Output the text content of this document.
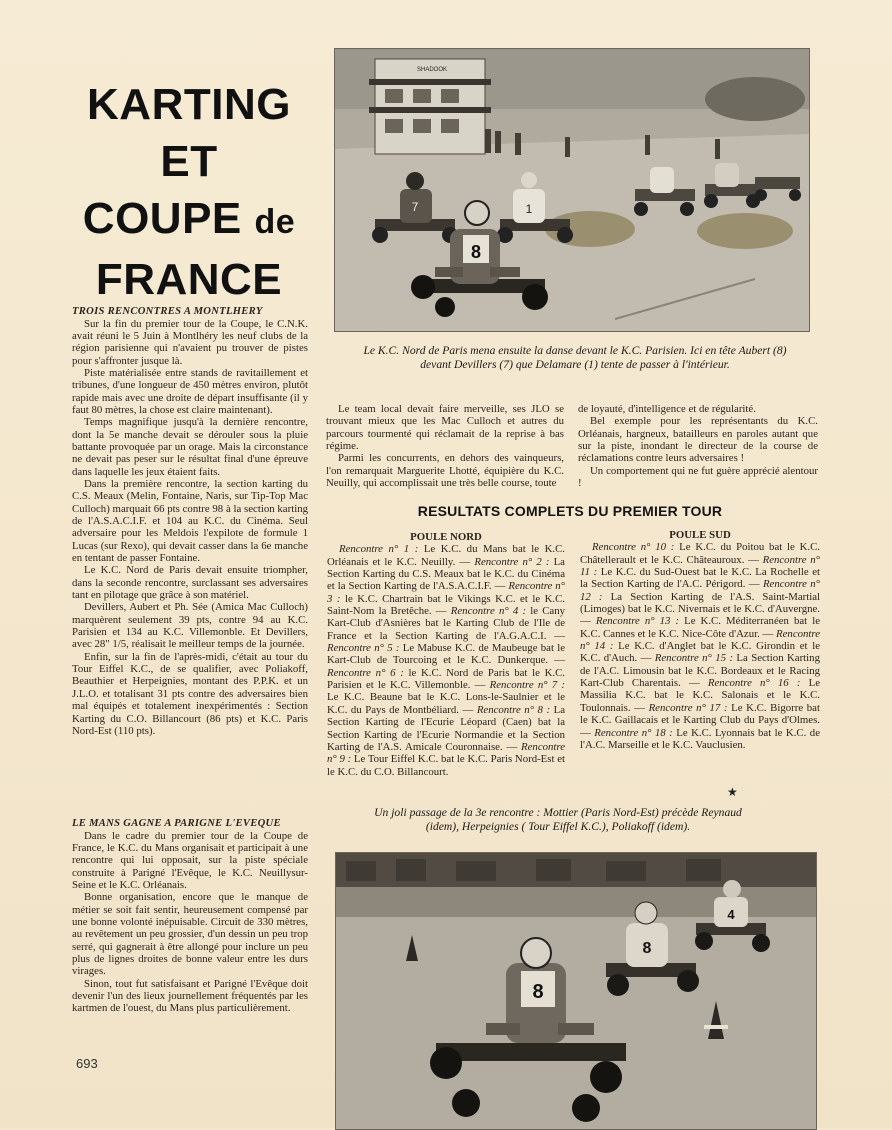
KARTING
ET
COUPE de
FRANCE
SHADOOK
7	1
8
Le K.C. Nord de Paris mena ensuite la danse devant le K.C. Parisien. Ici en tête Aubert (8) devant Devillers (7) que Delamare (1) tente de passer à l'intérieur.

TROIS RENCONTRES A MONTLHERY

Sur la fin du premier tour de la Coupe, le C.N.K. avait réuni le 5 Juin à Montlhéry les neuf clubs de la région parisienne qui n'avaient pu trouver de pistes pour s'affronter jusque là.

Piste matérialisée entre stands de ravitaillement et tribunes, d'une longueur de 450 mètres environ, plutôt rapide mais avec une droite de départ insuffisante (il y faut 80 mètres, la chose est claire maintenant).

Temps magnifique jusqu'à la dernière rencontre, dont la 5e manche devait se dérouler sous la pluie battante provoquée par un orage. Mais la circonstance ne devait pas peser sur le résultat final d'une épreuve dans laquelle les jeux étaient faits.

Dans la première rencontre, la section karting du C.S. Meaux (Melin, Fontaine, Naris, sur Tip-Top Mac Culloch) marquait 66 pts contre 98 à la section karting de l'A.S.A.C.I.F. et 104 au K.C. du Cinéma. Seul adversaire pour les Meldois l'expilote de formule 1 Lucas (sur Rexo), qui devait casser dans la 6e manche en tentant de passer Fontaine.

Le K.C. Nord de Paris devait ensuite triompher, dans la seconde rencontre, surclassant ses adversaires tant en pilotage que grâce à son matériel.

Devillers, Aubert et Ph. Sée (Amica Mac Culloch) marquèrent seulement 39 pts, contre 94 au K.C. Parisien et 134 au K.C. Villemonble. Et Devillers, avec 28" 1/5, réalisait le meilleur temps de la journée.

Enfin, sur la fin de l'après-midi, c'était au tour du Tour Eiffel K.C., de se qualifier, avec Poliakoff, Beauthier et Herpeignies, montant des P.P.K. et un J.L.O. et totalisant 31 pts contre des adversaires bien mal équipés et totalement inexpérimentés : Section Karting du C.O. Billancourt (86 pts) et K.C. Paris Nord-Est (110 pts).

LE MANS GAGNE A PARIGNE L'EVEQUE

Dans le cadre du premier tour de la Coupe de France, le K.C. du Mans organisait et participait à une rencontre qui lui opposait, sur la piste spéciale construite à Parigné l'Evêque, le K.C. Neuillysur-Seine et le K.C. Orléanais.

Bonne organisation, encore que le manque de métier se soit fait sentir, heureusement compensé par une bonne volonté inépuisable. Circuit de 330 mètres, au revêtement un peu grossier, d'un dessin un peu trop serré, qui gagnerait à être allongé pour inclure un peu plus de lignes droites de bonne valeur entre les durs virages.

Sinon, tout fut satisfaisant et Parigné l'Evêque doit devenir l'un des lieux journellement fréquentés par les kartmen de l'ouest, du Mans plus particulièrement.

Le team local devait faire merveille, ses JLO se trouvant mieux que les Mac Culloch et autres du parcours tourmenté qui réclamait de la reprise à bas régime.

Parmi les concurrents, en dehors des vainqueurs, l'on remarquait Marguerite Lhotté, équipière du K.C. Neuilly, qui accomplissait une très belle course, toute

de loyauté, d'intelligence et de régularité.

Bel exemple pour les représentants du K.C. Orléanais, hargneux, batailleurs en paroles autant que sur la piste, inondant le directeur de la course de réclamations contre leurs adversaires !

Un comportement qui ne fut guère apprécié alentour !

RESULTATS COMPLETS DU PREMIER TOUR

POULE NORD

Rencontre n° 1 : Le K.C. du Mans bat le K.C. Orléanais et le K.C. Neuilly. — Rencontre n° 2 : La Section Karting du C.S. Meaux bat le K.C. du Cinéma et la Section Karting de l'A.S.A.C.I.F. — Rencontre n° 3 : le K.C. Chartrain bat le Vikings K.C. et le K.C. Saint-Nom la Bretêche. — Rencontre n° 4 : le Cany Kart-Club d'Asnières bat le Karting Club de l'Ile de France et la Section Karting de l'A.G.A.C.I. — Rencontre n° 5 : Le Mabuse K.C. de Maubeuge bat le Kart-Club de Tourcoing et le K.C. Dunkerque. — Rencontre n° 6 : le K.C. Nord de Paris bat le K.C. Parisien et le K.C. Villemonble. — Rencontre n° 7 : Le K.C. Beaune bat le K.C. Lons-le-Saulnier et le K.C. du Pays de Montbéliard. — Rencontre n° 8 : La Section Karting de l'Ecurie Léopard (Caen) bat la Section Karting de l'Ecurie Normandie et la Section Karting de l'A.S. Amicale Couronnaise. — Rencontre n° 9 : Le Tour Eiffel K.C. bat le K.C. Paris Nord-Est et le K.C. du C.O. Billancourt.

POULE SUD

Rencontre n° 10 : Le K.C. du Poitou bat le K.C. Châtellerault et le K.C. Châteauroux. — Rencontre n° 11 : Le K.C. du Sud-Ouest bat le K.C. La Rochelle et la Section Karting de l'A.C. Périgord. — Rencontre n° 12 : La Section Karting de l'A.S. Saint-Martial (Limoges) bat le K.C. Nivernais et le K.C. d'Auvergne. — Rencontre n° 13 : Le K.C. Méditerranéen bat le K.C. Cannes et le K.C. Nice-Côte d'Azur. — Rencontre n° 14 : Le K.C. d'Anglet bat le K.C. Girondin et le K.C. d'Auch. — Rencontre n° 15 : La Section Karting de l'A.C. Limousin bat le K.C. Bordeaux et le Racing Kart-Club Charentais. — Rencontre n° 16 : Le Massilia K.C. bat le K.C. Salonais et le K.C. Toulonnais. — Rencontre n° 17 : Le K.C. Bigorre bat le K.C. Gaillacais et le Karting Club du Pays d'Olmes. — Rencontre n° 18 : Le K.C. Lyonnais bat le K.C. de l'A.C. Marseille et le K.C. Vauclusien.

★
Un joli passage de la 3e rencontre : Mottier (Paris Nord-Est) précède Reynaud (idem), Herpeignies ( Tour Eiffel K.C.), Poliakoff (idem).
4
8
8
693
